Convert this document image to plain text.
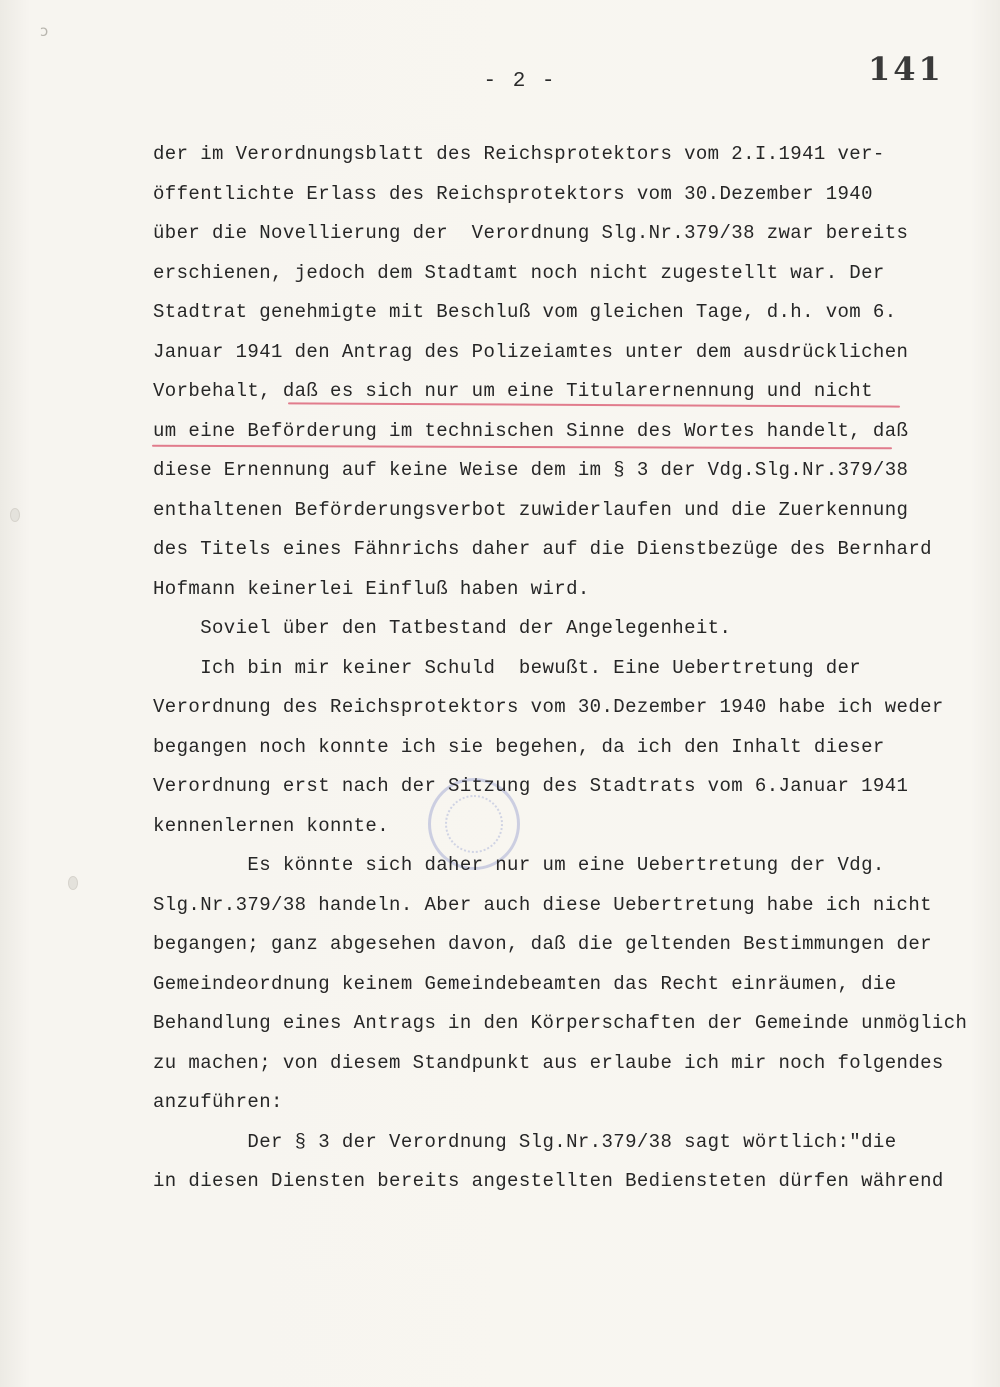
ↄ
- 2 -	141
der im Verordnungsblatt des Reichsprotektors vom 2.I.1941 ver-
öffentlichte Erlass des Reichsprotektors vom 30.Dezember 1940
über die Novellierung der  Verordnung Slg.Nr.379/38 zwar bereits
erschienen, jedoch dem Stadtamt noch nicht zugestellt war. Der
Stadtrat genehmigte mit Beschluß vom gleichen Tage, d.h. vom 6.
Januar 1941 den Antrag des Polizeiamtes unter dem ausdrücklichen
Vorbehalt, daß es sich nur um eine Titularernennung und nicht
um eine Beförderung im technischen Sinne des Wortes handelt, daß
diese Ernennung auf keine Weise dem im § 3 der Vdg.Slg.Nr.379/38
enthaltenen Beförderungsverbot zuwiderlaufen und die Zuerkennung
des Titels eines Fähnrichs daher auf die Dienstbezüge des Bernhard
Hofmann keinerlei Einfluß haben wird.
Soviel über den Tatbestand der Angelegenheit.
Ich bin mir keiner Schuld  bewußt. Eine Uebertretung der
Verordnung des Reichsprotektors vom 30.Dezember 1940 habe ich weder
begangen noch konnte ich sie begehen, da ich den Inhalt dieser
Verordnung erst nach der Sitzung des Stadtrats vom 6.Januar 1941
kennenlernen konnte.
Es könnte sich daher nur um eine Uebertretung der Vdg.
Slg.Nr.379/38 handeln. Aber auch diese Uebertretung habe ich nicht
begangen; ganz abgesehen davon, daß die geltenden Bestimmungen der
Gemeindeordnung keinem Gemeindebeamten das Recht einräumen, die
Behandlung eines Antrags in den Körperschaften der Gemeinde unmöglich
zu machen; von diesem Standpunkt aus erlaube ich mir noch folgendes
anzuführen:
Der § 3 der Verordnung Slg.Nr.379/38 sagt wörtlich:"die
in diesen Diensten bereits angestellten Bediensteten dürfen während
